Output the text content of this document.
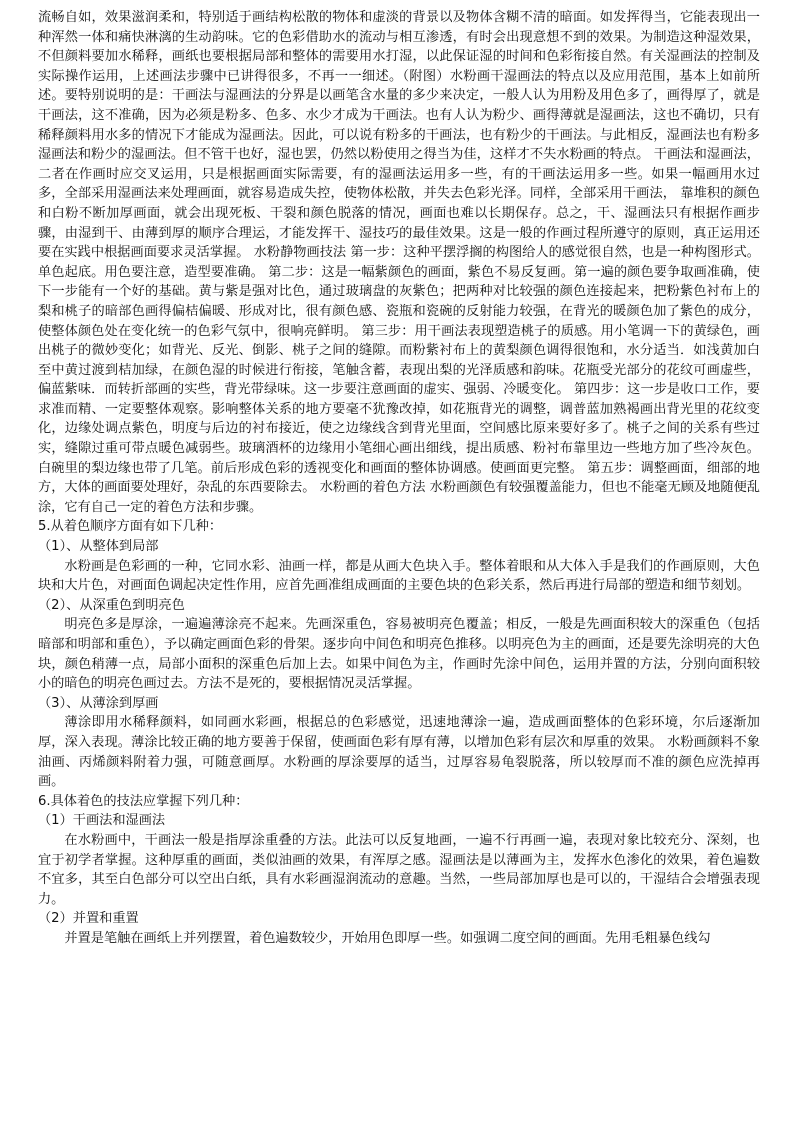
流畅自如，效果滋润柔和，特别适于画结构松散的物体和虚淡的背景以及物体含糊不清的暗面。如发挥得当，它能表现出一种浑然一体和痛快淋漓的生动韵味。它的色彩借助水的流动与相互渗透，有时会出现意想不到的效果。为制造这种湿效果，不但颜料要加水稀释，画纸也要根据局部和整体的需要用水打湿，以此保证湿的时间和色彩衔接自然。有关湿画法的控制及实际操作运用，上述画法步骤中已讲得很多，不再一一细述。（附图）水粉画干湿画法的特点以及应用范围，基本上如前所述。要特别说明的是：干画法与湿画法的分界是以画笔含水量的多少来决定，一般人认为用粉及用色多了，画得厚了，就是干画法，这不准确，因为必须是粉多、色多、水少才成为干画法。也有人认为粉少、画得薄就是湿画法，这也不确切，只有稀释颜料用水多的情况下才能成为湿画法。因此，可以说有粉多的干画法，也有粉少的干画法。与此相反，湿画法也有粉多湿画法和粉少的湿画法。但不管干也好，湿也罢，仍然以粉使用之得当为佳，这样才不失水粉画的特点。 干画法和湿画法，二者在作画时应交叉运用，只是根据画面实际需要，有的湿画法运用多一些，有的干画法运用多一些。如果一幅画用水过多，全部采用湿画法来处理画面，就容易造成失控，使物体松散，并失去色彩光泽。同样，全部采用干画法， 靠堆积的颜色和白粉不断加厚画面，就会出现死板、干裂和颜色脱落的情况，画面也难以长期保存。总之，干、湿画法只有根据作画步骤，由湿到干、由薄到厚的顺序合理运，才能发挥干、湿技巧的最佳效果。这是一般的作画过程所遵守的原则，真正运用还要在实践中根据画面要求灵活掌握。 水粉静物画技法 第一步：这种平摆浮搁的构图给人的感觉很自然，也是一种构图形式。单色起底。用色要注意，造型要准确。 第二步：这是一幅紫颜色的画面，紫色不易反复画。第一遍的颜色要争取画准确，使下一步能有一个好的基础。黄与紫是强对比色，通过玻璃盘的灰紫色；把两种对比较强的颜色连接起来，把粉紫色衬布上的梨和桃子的暗部色画得偏桔偏暖、形成对比，很有颜色感、瓷瓶和瓷碗的反射能力较强，在背光的暖颜色加了紫色的成分，使整体颜色处在变化统一的色彩气氛中，很响亮鲜明。 第三步：用干画法表现塑造桃子的质感。用小笔调一下的黄绿色，画出桃子的微妙变化；如背光、反光、倒影、桃子之间的缝隙。而粉紫衬布上的黄梨颜色调得很饱和，水分适当．如浅黄加白至中黄过渡到桔加绿，在颜色湿的时候进行衔接，笔触含蓄，表现出梨的光泽质感和韵味。花瓶受光部分的花纹可画虚些，偏蓝紫味．而转折部画的实些，背光带绿味。这一步要注意画面的虚实、强弱、冷暖变化。 第四步：这一步是收口工作，要求准而精、一定要整体观察。影响整体关系的地方要毫不犹豫改掉，如花瓶背光的调整，调普蓝加熟褐画出背光里的花纹变化，边缘处调点紫色，明度与后边的衬布接近，使之边缘线含到背光里面，空间感比原来要好多了。桃子之间的关系有些过实，缝隙过重可带点暖色减弱些。玻璃酒杯的边缘用小笔细心画出细线，提出质感、粉衬布靠里边一些地方加了些冷灰色。白碗里的梨边缘也带了几笔。前后形成色彩的透视变化和画面的整体协调感。使画面更完整。 第五步：调整画面，细部的地方，大体的画面要处理好，杂乱的东西要除去。 水粉画的着色方法 水粉画颜色有较强覆盖能力，但也不能毫无顾及地随便乱涂，它有自己一定的着色方法和步骤。

5.从着色顺序方面有如下几种：

（1）、从整体到局部

水粉画是色彩画的一种，它同水彩、油画一样，都是从画大色块入手。整体着眼和从大体入手是我们的作画原则，大色块和大片色，对画面色调起决定性作用，应首先画准组成画面的主要色块的色彩关系，然后再进行局部的塑造和细节刻划。

（2）、从深重色到明亮色

明亮色多是厚涂，一遍遍薄涂亮不起来。先画深重色，容易被明亮色覆盖；相反，一般是先画面积较大的深重色（包括暗部和明部和重色），予以确定画面色彩的骨架。逐步向中间色和明亮色推移。以明亮色为主的画面，还是要先涂明亮的大色块，颜色稍薄一点，局部小面积的深重色后加上去。如果中间色为主，作画时先涂中间色，运用并置的方法，分别向面积较小的暗色的明亮色画过去。方法不是死的，要根据情况灵活掌握。

（3）、从薄涂到厚画

薄涂即用水稀释颜料，如同画水彩画，根据总的色彩感觉，迅速地薄涂一遍，造成画面整体的色彩环境，尔后逐渐加厚，深入表现。薄涂比较正确的地方要善于保留，使画面色彩有厚有薄，以增加色彩有层次和厚重的效果。 水粉画颜料不象油画、丙烯颜料附着力强，可随意画厚。水粉画的厚涂要厚的适当，过厚容易龟裂脱落，所以较厚而不准的颜色应洗掉再画。

6.具体着色的技法应掌握下列几种：

（1）干画法和湿画法

在水粉画中，干画法一般是指厚涂重叠的方法。此法可以反复地画，一遍不行再画一遍，表现对象比较充分、深刻，也宜于初学者掌握。这种厚重的画面，类似油画的效果，有浑厚之感。湿画法是以薄画为主，发挥水色渗化的效果，着色遍数不宜多，其至白色部分可以空出白纸，具有水彩画湿润流动的意趣。当然，一些局部加厚也是可以的，干湿结合会增强表现力。

（2）并置和重置

并置是笔触在画纸上并列摆置，着色遍数较少，开始用色即厚一些。如强调二度空间的画面。先用毛粗暴色线勾
